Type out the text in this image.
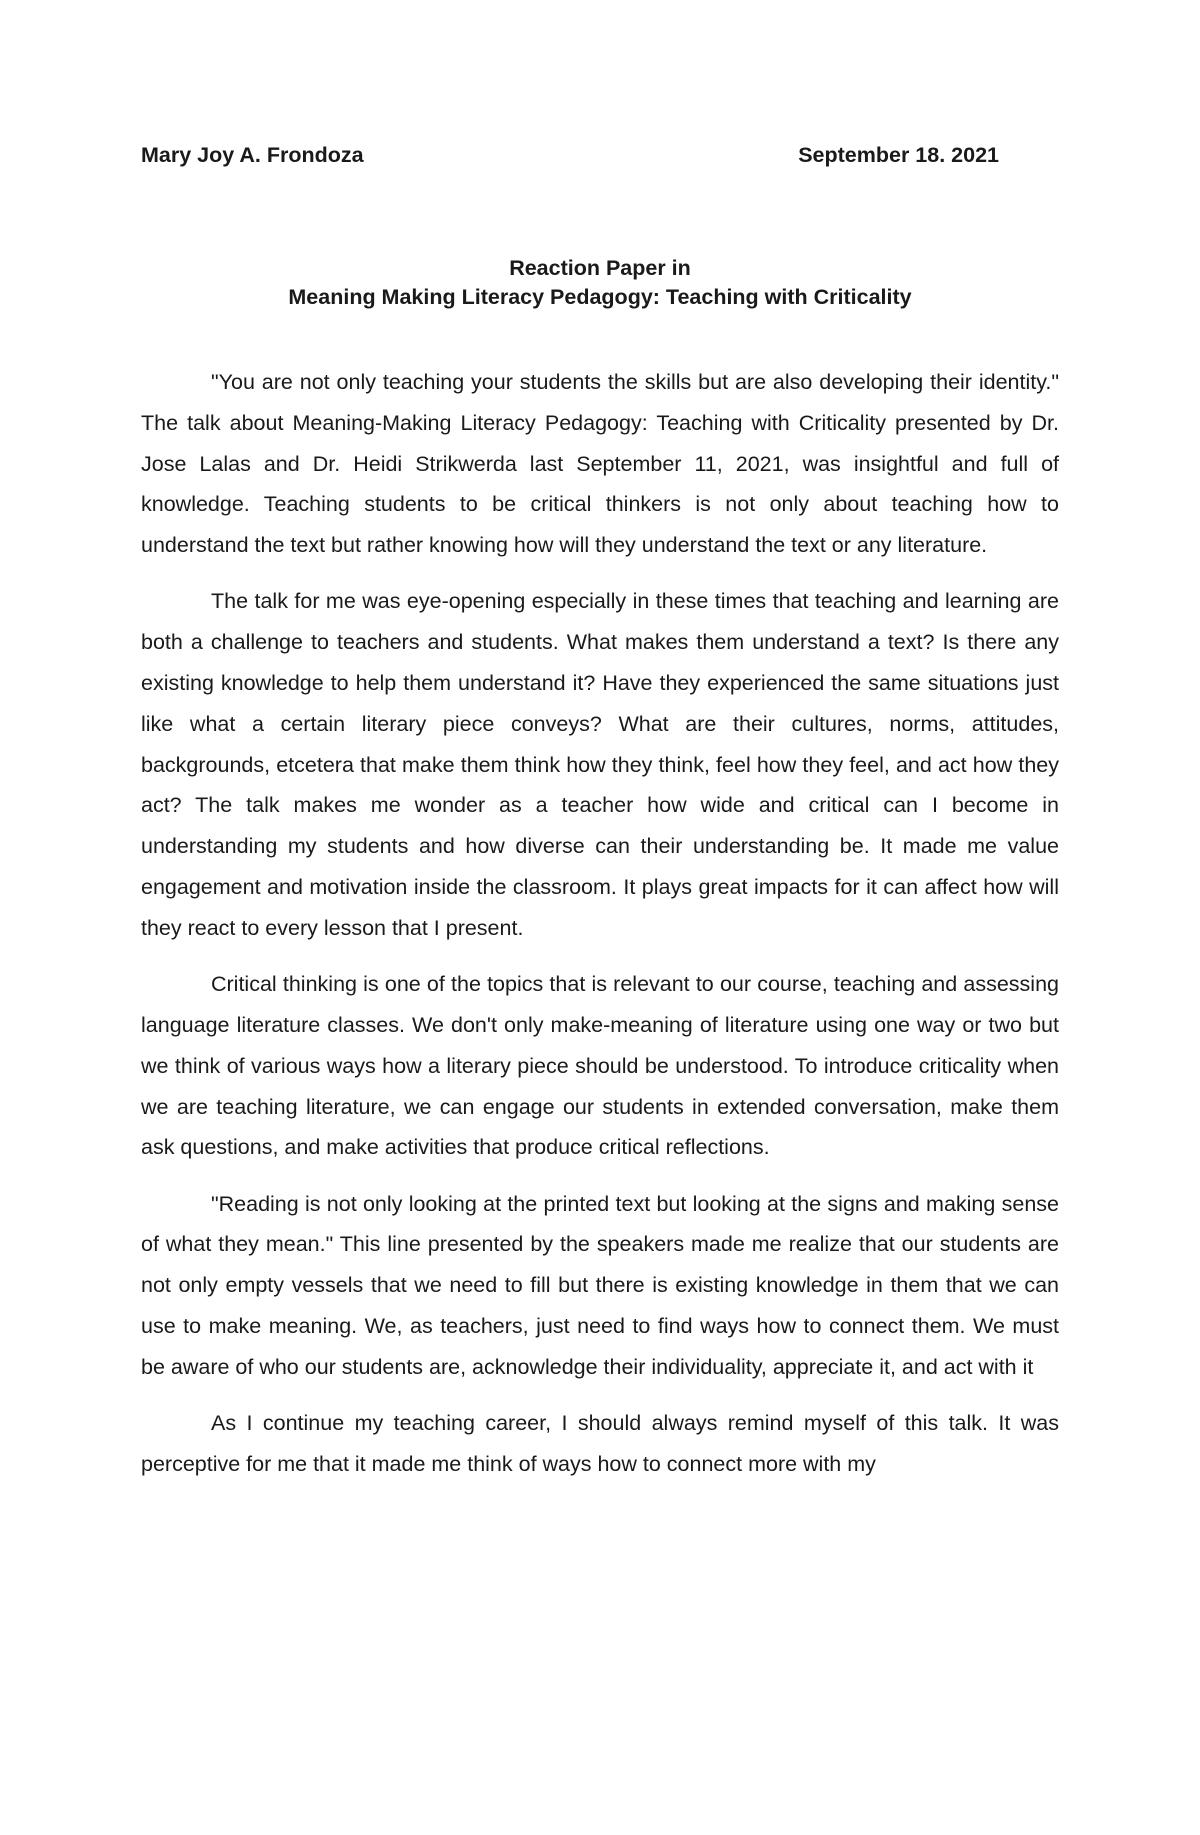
Mary Joy A. Frondoza	September 18. 2021
Reaction Paper in
Meaning Making Literacy Pedagogy: Teaching with Criticality

"You are not only teaching your students the skills but are also developing their identity." The talk about Meaning-Making Literacy Pedagogy: Teaching with Criticality presented by Dr. Jose Lalas and Dr. Heidi Strikwerda last September 11, 2021, was insightful and full of knowledge. Teaching students to be critical thinkers is not only about teaching how to understand the text but rather knowing how will they understand the text or any literature.

The talk for me was eye-opening especially in these times that teaching and learning are both a challenge to teachers and students. What makes them understand a text? Is there any existing knowledge to help them understand it? Have they experienced the same situations just like what a certain literary piece conveys? What are their cultures, norms, attitudes, backgrounds, etcetera that make them think how they think, feel how they feel, and act how they act? The talk makes me wonder as a teacher how wide and critical can I become in understanding my students and how diverse can their understanding be. It made me value engagement and motivation inside the classroom. It plays great impacts for it can affect how will they react to every lesson that I present.

Critical thinking is one of the topics that is relevant to our course, teaching and assessing language literature classes. We don't only make-meaning of literature using one way or two but we think of various ways how a literary piece should be understood. To introduce criticality when we are teaching literature, we can engage our students in extended conversation, make them ask questions, and make activities that produce critical reflections.

"Reading is not only looking at the printed text but looking at the signs and making sense of what they mean." This line presented by the speakers made me realize that our students are not only empty vessels that we need to fill but there is existing knowledge in them that we can use to make meaning. We, as teachers, just need to find ways how to connect them. We must be aware of who our students are, acknowledge their individuality, appreciate it, and act with it

As I continue my teaching career, I should always remind myself of this talk. It was perceptive for me that it made me think of ways how to connect more with my
